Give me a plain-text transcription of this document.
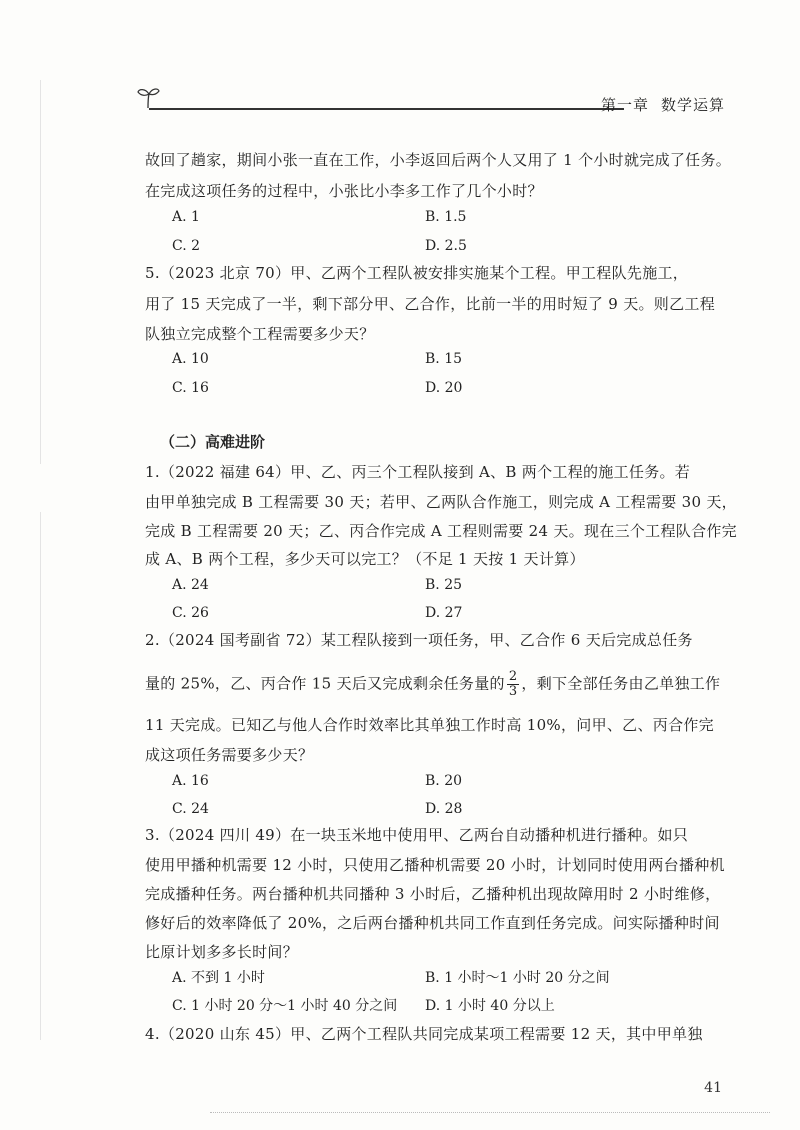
第一章 数学运算
故回了趟家，期间小张一直在工作，小李返回后两个人又用了 1 个小时就完成了任务。
在完成这项任务的过程中，小张比小李多工作了几个小时？
A. 1	B. 1.5
C. 2	D. 2.5
5.（2023 北京 70）甲、乙两个工程队被安排实施某个工程。甲工程队先施工，
用了 15 天完成了一半，剩下部分甲、乙合作，比前一半的用时短了 9 天。则乙工程
队独立完成整个工程需要多少天？
A. 10	B. 15
C. 16	D. 20
（二）高难进阶
1.（2022 福建 64）甲、乙、丙三个工程队接到 A、B 两个工程的施工任务。若
由甲单独完成 B 工程需要 30 天；若甲、乙两队合作施工，则完成 A 工程需要 30 天，
完成 B 工程需要 20 天；乙、丙合作完成 A 工程则需要 24 天。现在三个工程队合作完
成 A、B 两个工程，多少天可以完工？（不足 1 天按 1 天计算）
A. 24	B. 25
C. 26	D. 27
2.（2024 国考副省 72）某工程队接到一项任务，甲、乙合作 6 天后完成总任务
量的 25%，乙、丙合作 15 天后又完成剩余任务量的 $\frac{2}{3}$ ，剩下全部任务由乙单独工作
11 天完成。已知乙与他人合作时效率比其单独工作时高 10%，问甲、乙、丙合作完
成这项任务需要多少天？
A. 16	B. 20
C. 24	D. 28
3.（2024 四川 49）在一块玉米地中使用甲、乙两台自动播种机进行播种。如只
使用甲播种机需要 12 小时，只使用乙播种机需要 20 小时，计划同时使用两台播种机
完成播种任务。两台播种机共同播种 3 小时后，乙播种机出现故障用时 2 小时维修，
修好后的效率降低了 20%，之后两台播种机共同工作直到任务完成。问实际播种时间
比原计划多多长时间？
A. 不到 1 小时	B. 1 小时～1 小时 20 分之间
C. 1 小时 20 分～1 小时 40 分之间 D. 1 小时 40 分以上
4.（2020 山东 45）甲、乙两个工程队共同完成某项工程需要 12 天，其中甲单独
41
